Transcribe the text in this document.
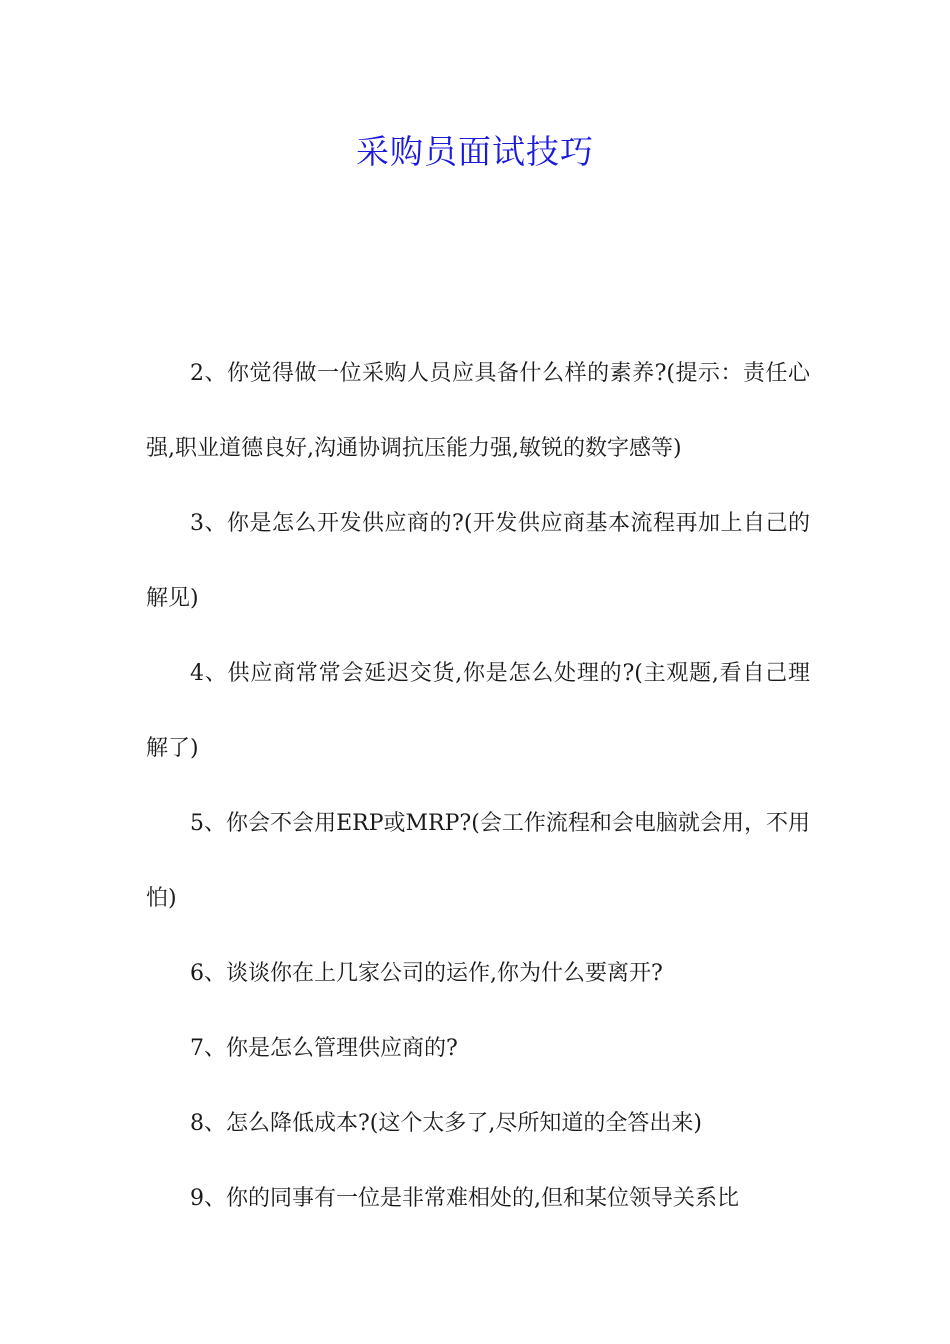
采购员面试技巧

2、你觉得做一位采购人员应具备什么样的素养?(提示：责任心强,职业道德良好,沟通协调抗压能力强,敏锐的数字感等)

3、你是怎么开发供应商的?(开发供应商基本流程再加上自己的解见)

4、供应商常常会延迟交货,你是怎么处理的?(主观题,看自己理解了)

5、你会不会用ERP或MRP?(会工作流程和会电脑就会用，不用怕)

6、谈谈你在上几家公司的运作,你为什么要离开?

7、你是怎么管理供应商的?

8、怎么降低成本?(这个太多了,尽所知道的全答出来)

9、你的同事有一位是非常难相处的,但和某位领导关系比
